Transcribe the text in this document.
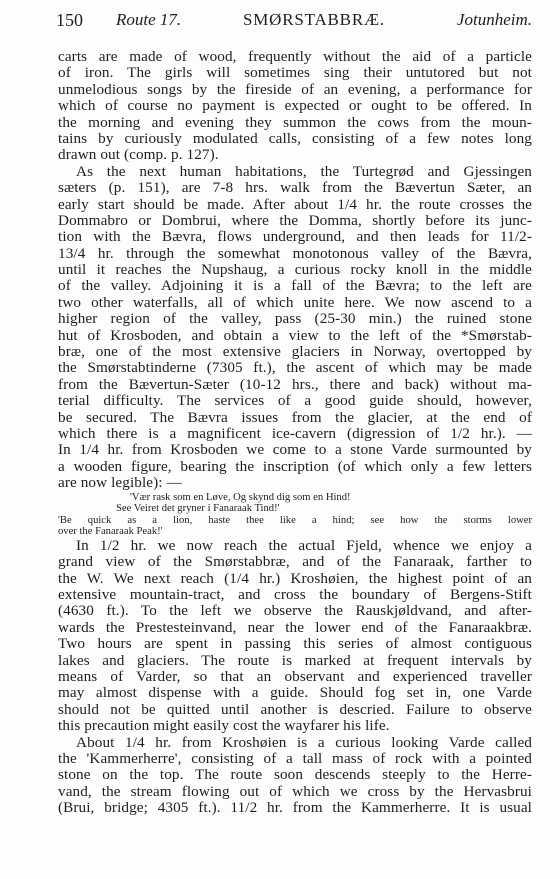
150 Route 17.	SMØRSTABBRÆ.	Jotunheim.
carts are made of wood, frequently without the aid of a particle
of iron. The girls will sometimes sing their untutored but not
unmelodious songs by the fireside of an evening, a performance for
which of course no payment is expected or ought to be offered. In
the morning and evening they summon the cows from the moun-
tains by curiously modulated calls, consisting of a few notes long
drawn out (comp. p. 127).
As the next human habitations, the Turtegrød and Gjessingen
sæters (p. 151), are 7-8 hrs. walk from the Bævertun Sæter, an
early start should be made. After about 1/4 hr. the route crosses the
Dommabro or Dombrui, where the Domma, shortly before its junc-
tion with the Bævra, flows underground, and then leads for 11/2-
13/4 hr. through the somewhat monotonous valley of the Bævra,
until it reaches the Nupshaug, a curious rocky knoll in the middle
of the valley. Adjoining it is a fall of the Bævra; to the left are
two other waterfalls, all of which unite here. We now ascend to a
higher region of the valley, pass (25-30 min.) the ruined stone
hut of Krosboden, and obtain a view to the left of the *Smørstab-
bræ, one of the most extensive glaciers in Norway, overtopped by
the Smørstabtinderne (7305 ft.), the ascent of which may be made
from the Bævertun-Sæter (10-12 hrs., there and back) without ma-
terial difficulty. The services of a good guide should, however,
be secured. The Bævra issues from the glacier, at the end of
which there is a magnificent ice-cavern (digression of 1/2 hr.). —
In 1/4 hr. from Krosboden we come to a stone Varde surmounted by
a wooden figure, bearing the inscription (of which only a few letters
are now legible): —
'Vær rask som en Løve, Og skynd dig som en Hind!
See Veiret det gryner i Fanaraak Tind!'
'Be quick as a lion, haste thee like a hind; see how the storms lower
over the Fanaraak Peak!'
In 1/2 hr. we now reach the actual Fjeld, whence we enjoy a
grand view of the Smørstabbræ, and of the Fanaraak, farther to
the W. We next reach (1/4 hr.) Kroshøien, the highest point of an
extensive mountain-tract, and cross the boundary of Bergens-Stift
(4630 ft.). To the left we observe the Rauskjøldvand, and after-
wards the Prestesteinvand, near the lower end of the Fanaraakbræ.
Two hours are spent in passing this series of almost contiguous
lakes and glaciers. The route is marked at frequent intervals by
means of Varder, so that an observant and experienced traveller
may almost dispense with a guide. Should fog set in, one Varde
should not be quitted until another is descried. Failure to observe
this precaution might easily cost the wayfarer his life.
About 1/4 hr. from Kroshøien is a curious looking Varde called
the 'Kammerherre', consisting of a tall mass of rock with a pointed
stone on the top. The route soon descends steeply to the Herre-
vand, the stream flowing out of which we cross by the Hervasbrui
(Brui, bridge; 4305 ft.). 11/2 hr. from the Kammerherre. It is usual
